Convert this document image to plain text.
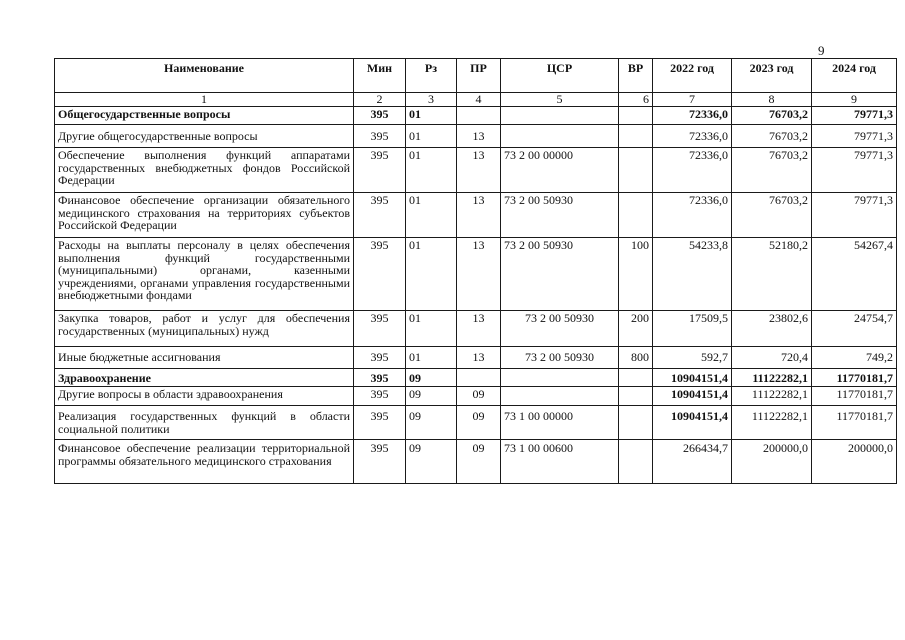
9
Наименование	Мин	Рз	ПР	ЦСР	ВР	2022 год	2023 год	2024 год
1	2	3	4	5	6	7	8	9
Общегосударственные вопросы	395	01				72336,0	76703,2	79771,3
Другие общегосударственные вопросы	395	01	13			72336,0	76703,2	79771,3
Обеспечение выполнения функций аппаратами государственных внебюджетных фондов Российской Федерации	395	01	13	73 2 00 00000		72336,0	76703,2	79771,3
Финансовое обеспечение организации обязательного медицинского страхования на территориях субъектов Российской Федерации	395	01	13	73 2 00 50930		72336,0	76703,2	79771,3
Расходы на выплаты персоналу в целях обеспечения выполнения функций государственными (муниципальными) органами, казенными учреждениями, органами управления государственными внебюджетными фондами	395	01	13	73 2 00 50930	100	54233,8	52180,2	54267,4
Закупка товаров, работ и услуг для обеспечения государственных (муниципальных) нужд	395	01	13	73 2 00 50930	200	17509,5	23802,6	24754,7
Иные бюджетные ассигнования	395	01	13	73 2 00 50930	800	592,7	720,4	749,2
Здравоохранение	395	09				10904151,4	11122282,1	11770181,7
Другие вопросы в области здравоохранения	395	09	09			10904151,4	11122282,1	11770181,7
Реализация государственных функций в области социальной политики	395	09	09	73 1 00 00000		10904151,4	11122282,1	11770181,7
Финансовое обеспечение реализации территориальной программы обязательного медицинского страхования	395	09	09	73 1 00 00600		266434,7	200000,0	200000,0
